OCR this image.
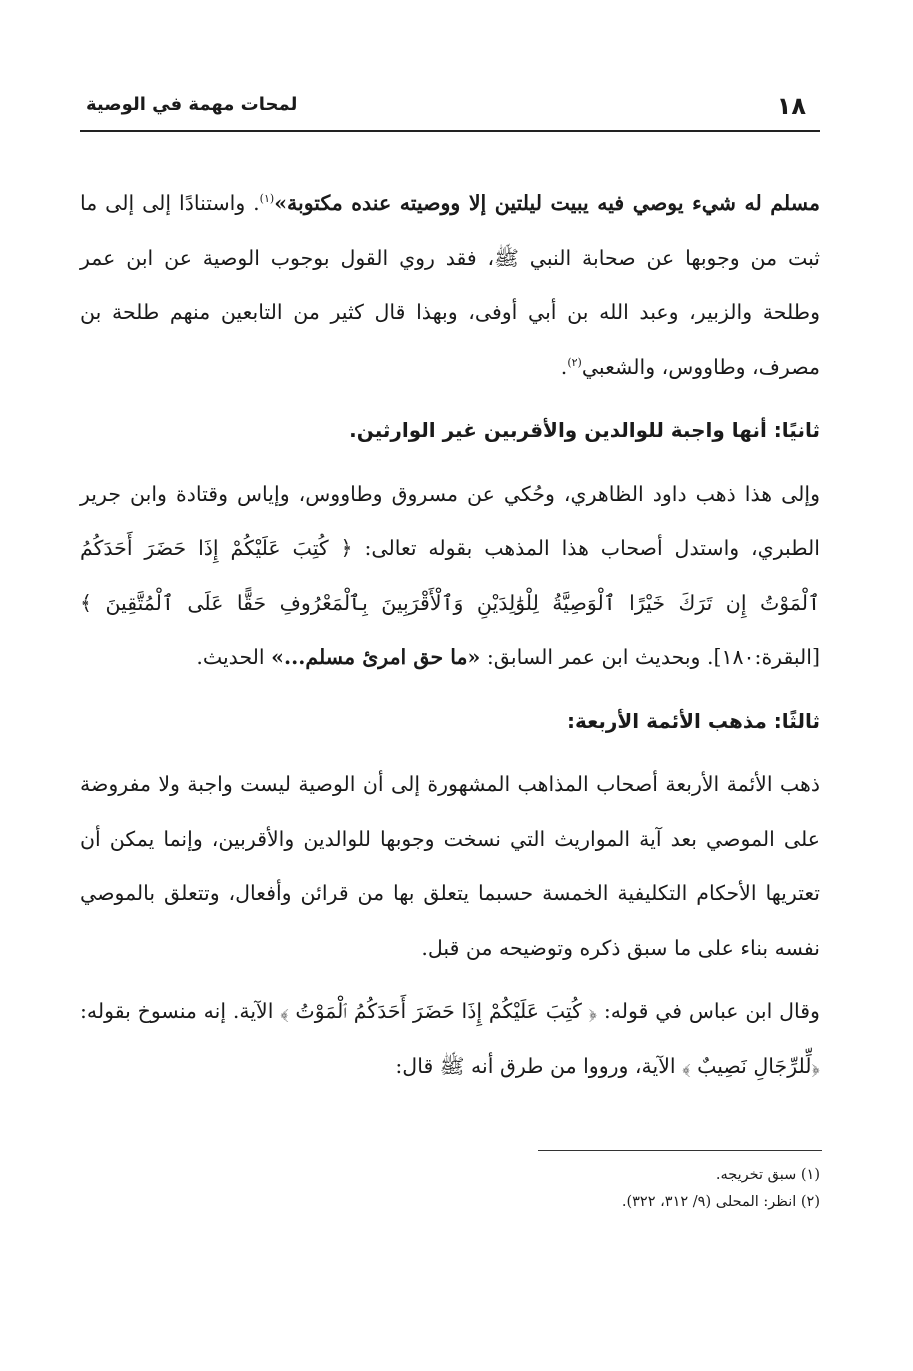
١٨
لمحات مهمة في الوصية

مسلم له شيء يوصي فيه يبيت ليلتين إلا ووصيته عنده مكتوبة»$^{(١)}$. واستنادًا إلى إلى ما ثبت من وجوبها عن صحابة النبي ﷺ، فقد روي القول بوجوب الوصية عن ابن عمر وطلحة والزبير، وعبد الله بن أبي أوفى، وبهذا قال كثير من التابعين منهم طلحة بن مصرف، وطاووس، والشعبي$^{(٢)}$.

ثانيًا: أنها واجبة للوالدين والأقربين غير الوارثين.

وإلى هذا ذهب داود الظاهري، وحُكي عن مسروق وطاووس، وإياس وقتادة وابن جرير الطبري، واستدل أصحاب هذا المذهب بقوله تعالى: ﴿ كُتِبَ عَلَيْكُمْ إِذَا حَضَرَ أَحَدَكُمُ ٱلْمَوْتُ إِن تَرَكَ خَيْرًا ٱلْوَصِيَّةُ لِلْوَٰلِدَيْنِ وَٱلْأَقْرَبِينَ بِٱلْمَعْرُوفِ حَقًّا عَلَى ٱلْمُتَّقِينَ ﴾ [البقرة:١٨٠]. وبحديث ابن عمر السابق: «ما حق امرئ مسلم...» الحديث.

ثالثًا: مذهب الأئمة الأربعة:

ذهب الأئمة الأربعة أصحاب المذاهب المشهورة إلى أن الوصية ليست واجبة ولا مفروضة على الموصي بعد آية المواريث التي نسخت وجوبها للوالدين والأقربين، وإنما يمكن أن تعتريها الأحكام التكليفية الخمسة حسبما يتعلق بها من قرائن وأفعال، وتتعلق بالموصي نفسه بناء على ما سبق ذكره وتوضيحه من قبل.

وقال ابن عباس في قوله: ﴿ كُتِبَ عَلَيْكُمْ إِذَا حَضَرَ أَحَدَكُمُ ٱلْمَوْتُ ﴾ الآية. إنه منسوخ بقوله: ﴿لِّلرِّجَالِ نَصِيبٌ ﴾ الآية، ورووا من طرق أنه ﷺ قال:

(١) سبق تخريجه.

(٢) انظر: المحلى (٩/ ٣١٢، ٣٢٢).
